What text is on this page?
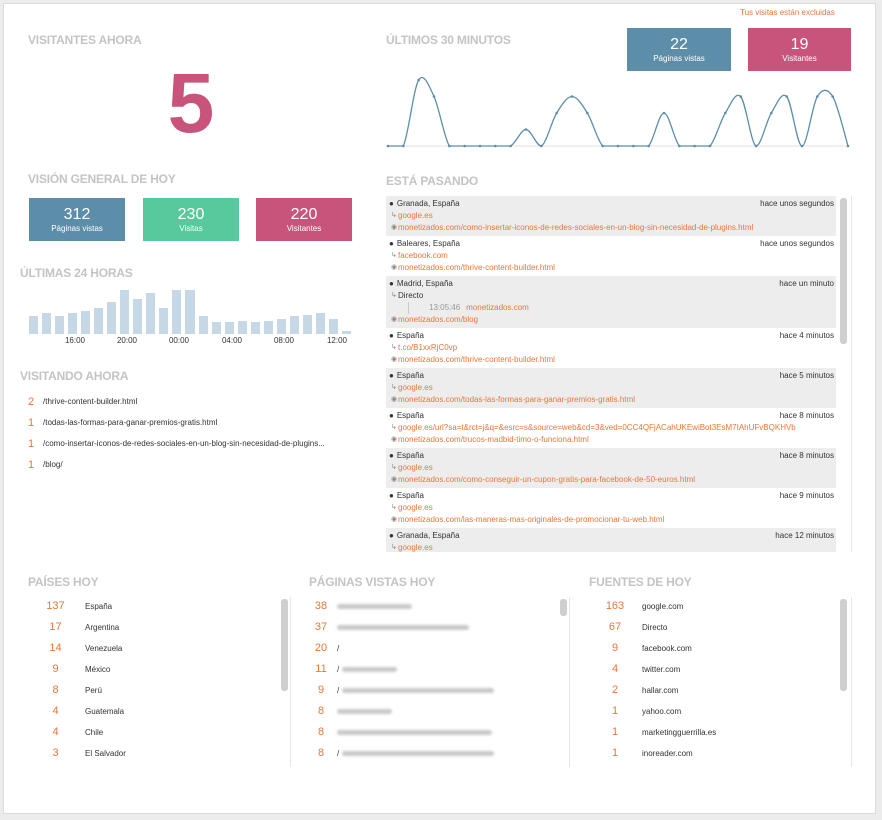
Tus visitas están excluidas
VISITANTES AHORA
5
ÚLTIMOS 30 MINUTOS	22
Páginas vistas
19
Visitantes
VISIÓN GENERAL DE HOY
312
Páginas vistas
230
Visitas
220
Visitantes
ÚLTIMAS 24 HORAS
16:00	20:00	00:00	04:00	08:00	12:00
VISITANDO AHORA
2 /thrive-content-builder.html
1 /todas-las-formas-para-ganar-premios-gratis.html
1 /como-insertar-iconos-de-redes-sociales-en-un-blog-sin-necesidad-de-plugins...
1 /blog/
ESTÁ PASANDO
● Granada, España	hace unos segundos
↳ google.es
◉ monetizados.com/como-insertar-iconos-de-redes-sociales-en-un-blog-sin-necesidad-de-plugins.html
● Baleares, España	hace unos segundos
↳ facebook.com
◉ monetizados.com/thrive-content-builder.html
● Madrid, España	hace un minuto
↳ Directo
13:05:46 monetizados.com
◉ monetizados.com/blog
● España	hace 4 minutos
↳ t.co/B1xxRjC0vp
◉ monetizados.com/thrive-content-builder.html
● España	hace 5 minutos
↳ google.es
◉ monetizados.com/todas-las-formas-para-ganar-premios-gratis.html
● España	hace 8 minutos
↳ google.es/url?sa=t&rct=j&q=&esrc=s&source=web&cd=3&ved=0CC4QFjACahUKEwiBot3EsM7IAhUFvBQKHVb
◉ monetizados.com/trucos-madbid-timo-o-funciona.html
● España	hace 8 minutos
↳ google.es
◉ monetizados.com/como-conseguir-un-cupon-gratis-para-facebook-de-50-euros.html
● España	hace 9 minutos
↳ google.es
◉ monetizados.com/las-maneras-mas-originales-de-promocionar-tu-web.html
● Granada, España	hace 12 minutos
↳ google.es
PAÍSES HOY
137	España
17	Argentina
14	Venezuela
9	México
8	Perú
4	Guatemala
4	Chile
3	El Salvador
PÁGINAS VISTAS HOY
38
37
20	/
11	/
9	/
8
8
8	/
FUENTES DE HOY
163	google.com
67	Directo
9	facebook.com
4	twitter.com
2	hallar.com
1	yahoo.com
1	marketingguerrilla.es
1	inoreader.com
